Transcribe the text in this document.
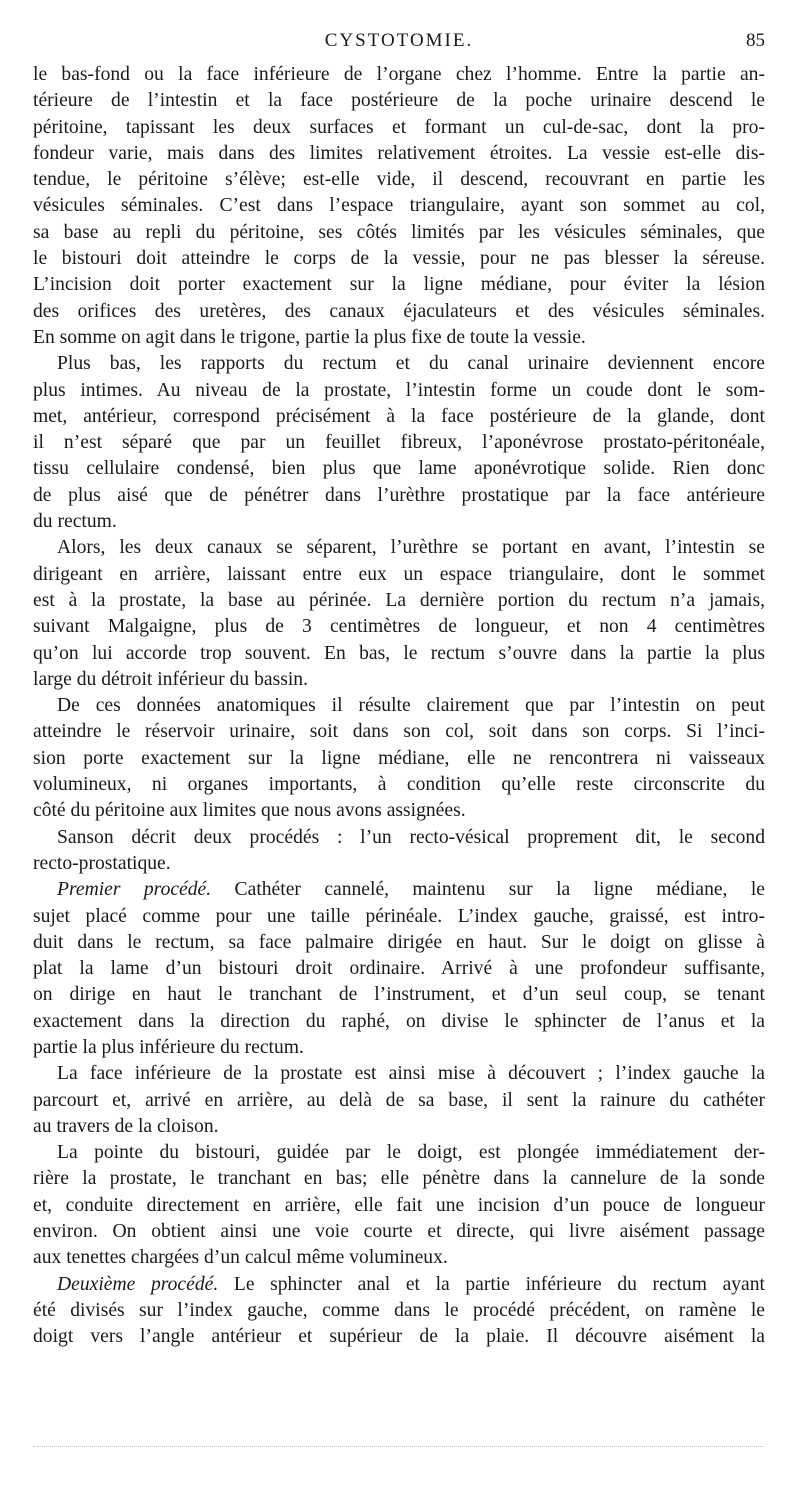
CYSTOTOMIE.	85
le bas-fond ou la face inférieure de l’organe chez l’homme. Entre la partie an-
térieure de l’intestin et la face postérieure de la poche urinaire descend le
péritoine, tapissant les deux surfaces et formant un cul-de-sac, dont la pro-
fondeur varie, mais dans des limites relativement étroites. La vessie est-elle dis-
tendue, le péritoine s’élève; est-elle vide, il descend, recouvrant en partie les
vésicules séminales. C’est dans l’espace triangulaire, ayant son sommet au col,
sa base au repli du péritoine, ses côtés limités par les vésicules séminales, que
le bistouri doit atteindre le corps de la vessie, pour ne pas blesser la séreuse.
L’incision doit porter exactement sur la ligne médiane, pour éviter la lésion
des orifices des uretères, des canaux éjaculateurs et des vésicules séminales.
En somme on agit dans le trigone, partie la plus fixe de toute la vessie.
Plus bas, les rapports du rectum et du canal urinaire deviennent encore
plus intimes. Au niveau de la prostate, l’intestin forme un coude dont le som-
met, antérieur, correspond précisément à la face postérieure de la glande, dont
il n’est séparé que par un feuillet fibreux, l’aponévrose prostato-péritonéale,
tissu cellulaire condensé, bien plus que lame aponévrotique solide. Rien donc
de plus aisé que de pénétrer dans l’urèthre prostatique par la face antérieure
du rectum.
Alors, les deux canaux se séparent, l’urèthre se portant en avant, l’intestin se
dirigeant en arrière, laissant entre eux un espace triangulaire, dont le sommet
est à la prostate, la base au périnée. La dernière portion du rectum n’a jamais,
suivant Malgaigne, plus de 3 centimètres de longueur, et non 4 centimètres
qu’on lui accorde trop souvent. En bas, le rectum s’ouvre dans la partie la plus
large du détroit inférieur du bassin.
De ces données anatomiques il résulte clairement que par l’intestin on peut
atteindre le réservoir urinaire, soit dans son col, soit dans son corps. Si l’inci-
sion porte exactement sur la ligne médiane, elle ne rencontrera ni vaisseaux
volumineux, ni organes importants, à condition qu’elle reste circonscrite du
côté du péritoine aux limites que nous avons assignées.
Sanson décrit deux procédés : l’un recto-vésical proprement dit, le second
recto-prostatique.
Premier procédé. Cathéter cannelé, maintenu sur la ligne médiane, le
sujet placé comme pour une taille périnéale. L’index gauche, graissé, est intro-
duit dans le rectum, sa face palmaire dirigée en haut. Sur le doigt on glisse à
plat la lame d’un bistouri droit ordinaire. Arrivé à une profondeur suffisante,
on dirige en haut le tranchant de l’instrument, et d’un seul coup, se tenant
exactement dans la direction du raphé, on divise le sphincter de l’anus et la
partie la plus inférieure du rectum.
La face inférieure de la prostate est ainsi mise à découvert ; l’index gauche la
parcourt et, arrivé en arrière, au delà de sa base, il sent la rainure du cathéter
au travers de la cloison.
La pointe du bistouri, guidée par le doigt, est plongée immédiatement der-
rière la prostate, le tranchant en bas; elle pénètre dans la cannelure de la sonde
et, conduite directement en arrière, elle fait une incision d’un pouce de longueur
environ. On obtient ainsi une voie courte et directe, qui livre aisément passage
aux tenettes chargées d’un calcul même volumineux.
Deuxième procédé. Le sphincter anal et la partie inférieure du rectum ayant
été divisés sur l’index gauche, comme dans le procédé précédent, on ramène le
doigt vers l’angle antérieur et supérieur de la plaie. Il découvre aisément la
